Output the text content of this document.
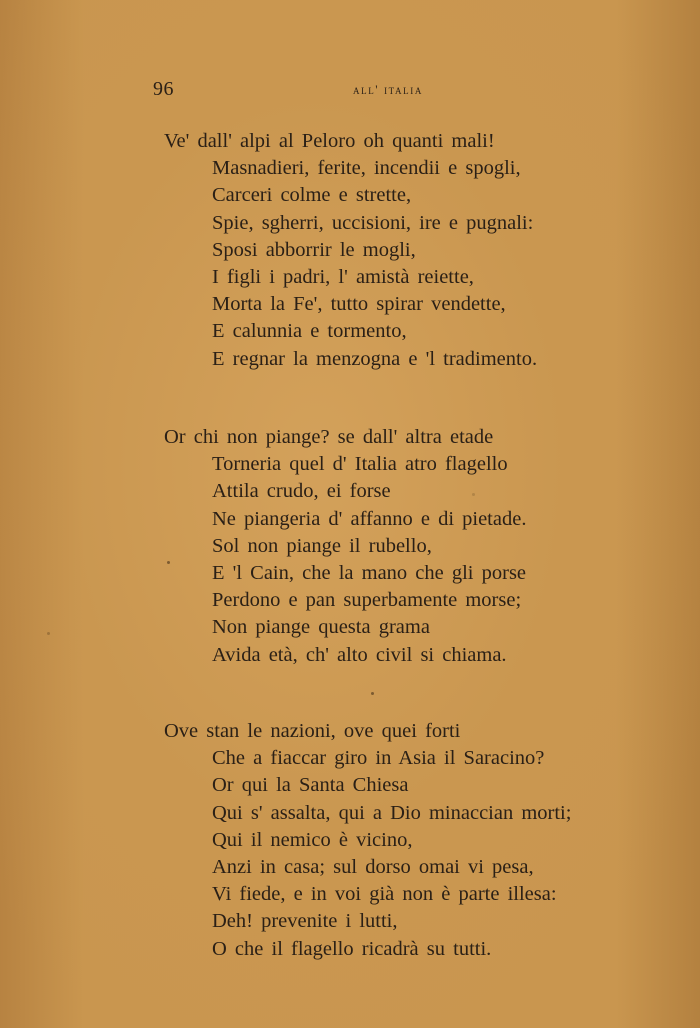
96	all' italia
Ve' dall' alpi al Peloro oh quanti mali!
Masnadieri, ferite, incendii e spogli,
Carceri colme e strette,
Spie, sgherri, uccisioni, ire e pugnali:
Sposi abborrir le mogli,
I figli i padri, l' amistà reiette,
Morta la Fe', tutto spirar vendette,
E calunnia e tormento,
E regnar la menzogna e 'l tradimento.
Or chi non piange? se dall' altra etade
Torneria quel d' Italia atro flagello
Attila crudo, ei forse
Ne piangeria d' affanno e di pietade.
Sol non piange il rubello,
E 'l Cain, che la mano che gli porse
Perdono e pan superbamente morse;
Non piange questa grama
Avida età, ch' alto civil si chiama.
Ove stan le nazioni, ove quei forti
Che a fiaccar giro in Asia il Saracino?
Or qui la Santa Chiesa
Qui s' assalta, qui a Dio minaccian morti;
Qui il nemico è vicino,
Anzi in casa; sul dorso omai vi pesa,
Vi fiede, e in voi già non è parte illesa:
Deh! prevenite i lutti,
O che il flagello ricadrà su tutti.
